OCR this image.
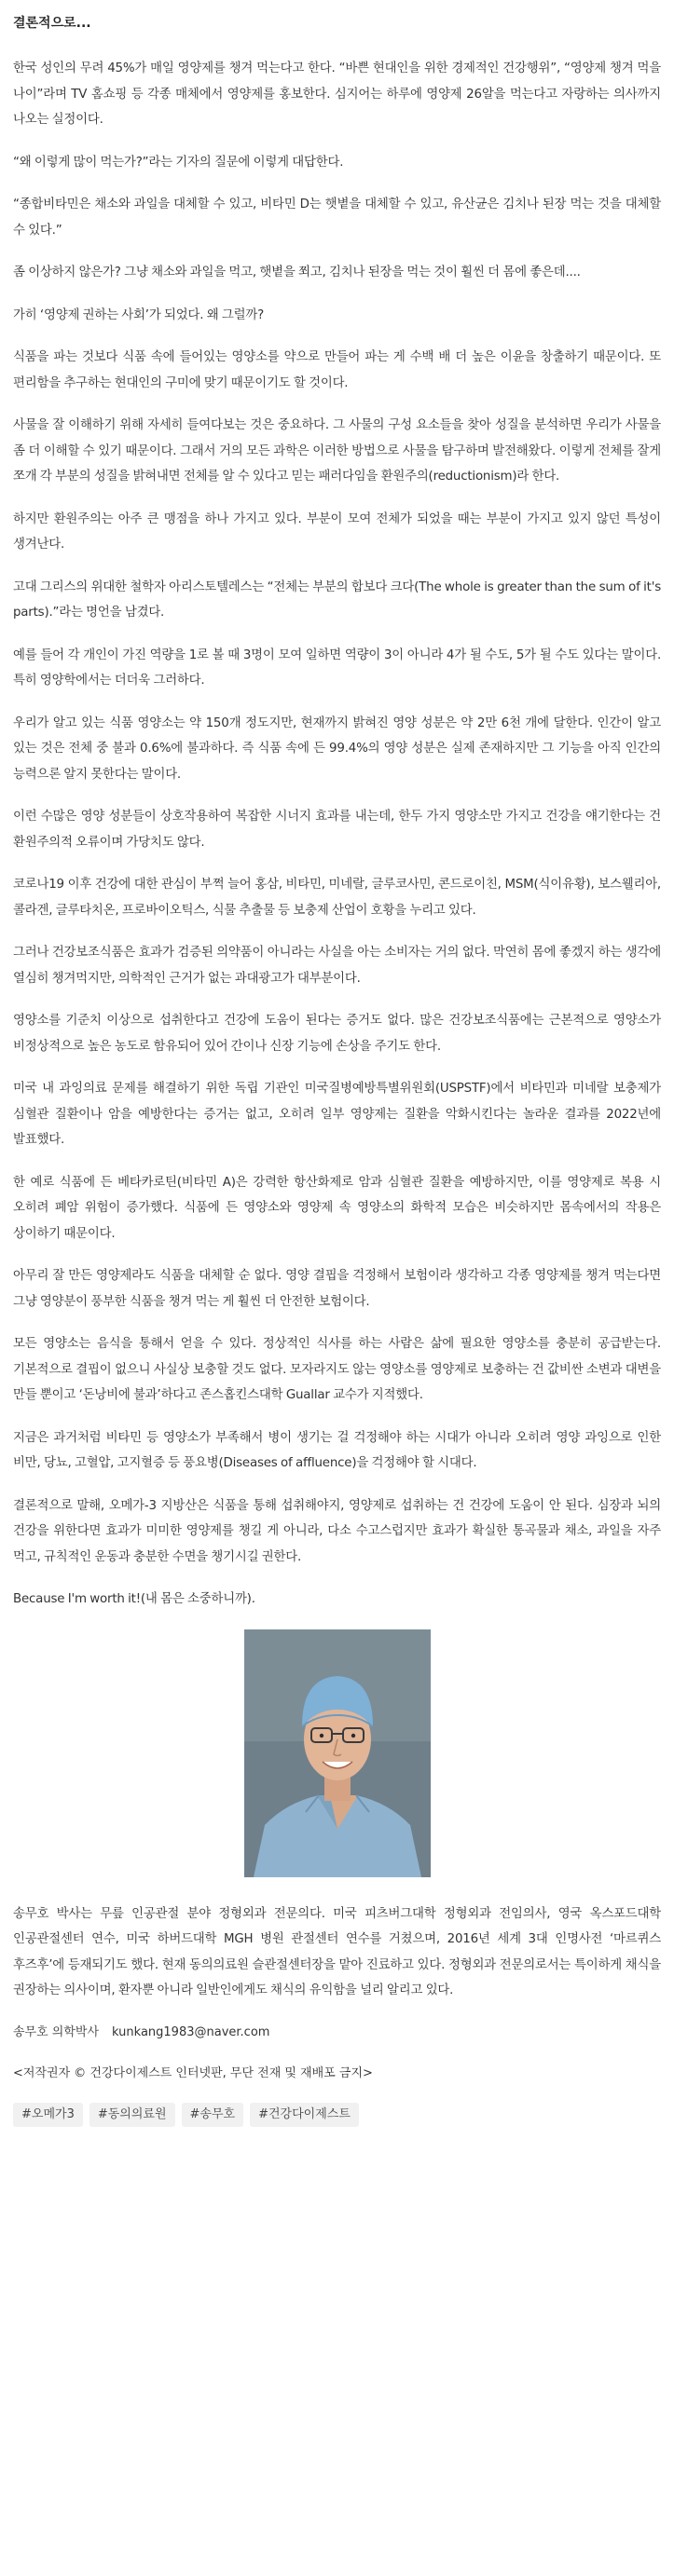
결론적으로...

한국 성인의 무려 45%가 매일 영양제를 챙겨 먹는다고 한다. “바쁜 현대인을 위한 경제적인 건강행위”, “영양제 챙겨 먹을 나이”라며 TV 홈쇼핑 등 각종 매체에서 영양제를 홍보한다. 심지어는 하루에 영양제 26알을 먹는다고 자랑하는 의사까지 나오는 실정이다.

“왜 이렇게 많이 먹는가?”라는 기자의 질문에 이렇게 대답한다.

“종합비타민은 채소와 과일을 대체할 수 있고, 비타민 D는 햇볕을 대체할 수 있고, 유산균은 김치나 된장 먹는 것을 대체할 수 있다.”

좀 이상하지 않은가? 그냥 채소와 과일을 먹고, 햇볕을 쬐고, 김치나 된장을 먹는 것이 훨씬 더 몸에 좋은데....

가히 ‘영양제 권하는 사회’가 되었다. 왜 그럴까?

식품을 파는 것보다 식품 속에 들어있는 영양소를 약으로 만들어 파는 게 수백 배 더 높은 이윤을 창출하기 때문이다. 또 편리함을 추구하는 현대인의 구미에 맞기 때문이기도 할 것이다.

사물을 잘 이해하기 위해 자세히 들여다보는 것은 중요하다. 그 사물의 구성 요소들을 찾아 성질을 분석하면 우리가 사물을 좀 더 이해할 수 있기 때문이다. 그래서 거의 모든 과학은 이러한 방법으로 사물을 탐구하며 발전해왔다. 이렇게 전체를 잘게 쪼개 각 부분의 성질을 밝혀내면 전체를 알 수 있다고 믿는 패러다임을 환원주의(reductionism)라 한다.

하지만 환원주의는 아주 큰 맹점을 하나 가지고 있다. 부분이 모여 전체가 되었을 때는 부분이 가지고 있지 않던 특성이 생겨난다.

고대 그리스의 위대한 철학자 아리스토텔레스는 “전체는 부분의 합보다 크다(The whole is greater than the sum of it's parts).”라는 명언을 남겼다.

예를 들어 각 개인이 가진 역량을 1로 볼 때 3명이 모여 일하면 역량이 3이 아니라 4가 될 수도, 5가 될 수도 있다는 말이다. 특히 영양학에서는 더더욱 그러하다.

우리가 알고 있는 식품 영양소는 약 150개 정도지만, 현재까지 밝혀진 영양 성분은 약 2만 6천 개에 달한다. 인간이 알고 있는 것은 전체 중 불과 0.6%에 불과하다. 즉 식품 속에 든 99.4%의 영양 성분은 실제 존재하지만 그 기능을 아직 인간의 능력으론 알지 못한다는 말이다.

이런 수많은 영양 성분들이 상호작용하여 복잡한 시너지 효과를 내는데, 한두 가지 영양소만 가지고 건강을 얘기한다는 건 환원주의적 오류이며 가당치도 않다.

코로나19 이후 건강에 대한 관심이 부쩍 늘어 홍삼, 비타민, 미네랄, 글루코사민, 콘드로이친, MSM(식이유황), 보스웰리아, 콜라겐, 글루타치온, 프로바이오틱스, 식물 추출물 등 보충제 산업이 호황을 누리고 있다.

그러나 건강보조식품은 효과가 검증된 의약품이 아니라는 사실을 아는 소비자는 거의 없다. 막연히 몸에 좋겠지 하는 생각에 열심히 챙겨먹지만, 의학적인 근거가 없는 과대광고가 대부분이다.

영양소를 기준치 이상으로 섭취한다고 건강에 도움이 된다는 증거도 없다. 많은 건강보조식품에는 근본적으로 영양소가 비정상적으로 높은 농도로 함유되어 있어 간이나 신장 기능에 손상을 주기도 한다.

미국 내 과잉의료 문제를 해결하기 위한 독립 기관인 미국질병예방특별위원회(USPSTF)에서 비타민과 미네랄 보충제가 심혈관 질환이나 암을 예방한다는 증거는 없고, 오히려 일부 영양제는 질환을 악화시킨다는 놀라운 결과를 2022년에 발표했다.

한 예로 식품에 든 베타카로틴(비타민 A)은 강력한 항산화제로 암과 심혈관 질환을 예방하지만, 이를 영양제로 복용 시 오히려 폐암 위험이 증가했다. 식품에 든 영양소와 영양제 속 영양소의 화학적 모습은 비슷하지만 몸속에서의 작용은 상이하기 때문이다.

아무리 잘 만든 영양제라도 식품을 대체할 순 없다. 영양 결핍을 걱정해서 보험이라 생각하고 각종 영양제를 챙겨 먹는다면 그냥 영양분이 풍부한 식품을 챙겨 먹는 게 훨씬 더 안전한 보험이다.

모든 영양소는 음식을 통해서 얻을 수 있다. 정상적인 식사를 하는 사람은 삶에 필요한 영양소를 충분히 공급받는다. 기본적으로 결핍이 없으니 사실상 보충할 것도 없다. 모자라지도 않는 영양소를 영양제로 보충하는 건 값비싼 소변과 대변을 만들 뿐이고 ‘돈낭비에 불과’하다고 존스홉킨스대학 Guallar 교수가 지적했다.

지금은 과거처럼 비타민 등 영양소가 부족해서 병이 생기는 걸 걱정해야 하는 시대가 아니라 오히려 영양 과잉으로 인한 비만, 당뇨, 고혈압, 고지혈증 등 풍요병(Diseases of affluence)을 걱정해야 할 시대다.

결론적으로 말해, 오메가-3 지방산은 식품을 통해 섭취해야지, 영양제로 섭취하는 건 건강에 도움이 안 된다. 심장과 뇌의 건강을 위한다면 효과가 미미한 영양제를 챙길 게 아니라, 다소 수고스럽지만 효과가 확실한 통곡물과 채소, 과일을 자주 먹고, 규칙적인 운동과 충분한 수면을 챙기시길 권한다.

Because I'm worth it!(내 몸은 소중하니까).

송무호 박사는 무릎 인공관절 분야 정형외과 전문의다. 미국 피츠버그대학 정형외과 전임의사, 영국 옥스포드대학 인공관절센터 연수, 미국 하버드대학 MGH 병원 관절센터 연수를 거쳤으며, 2016년 세계 3대 인명사전 ‘마르퀴스 후즈후’에 등재되기도 했다. 현재 동의의료원 슬관절센터장을 맡아 진료하고 있다. 정형외과 전문의로서는 특이하게 채식을 권장하는 의사이며, 환자뿐 아니라 일반인에게도 채식의 유익함을 널리 알리고 있다.

송무호 의학박사 kunkang1983@naver.com

<저작권자 © 건강다이제스트 인터넷판, 무단 전재 및 재배포 금지>

#오메가3	#동의의료원	#송무호	#건강다이제스트
